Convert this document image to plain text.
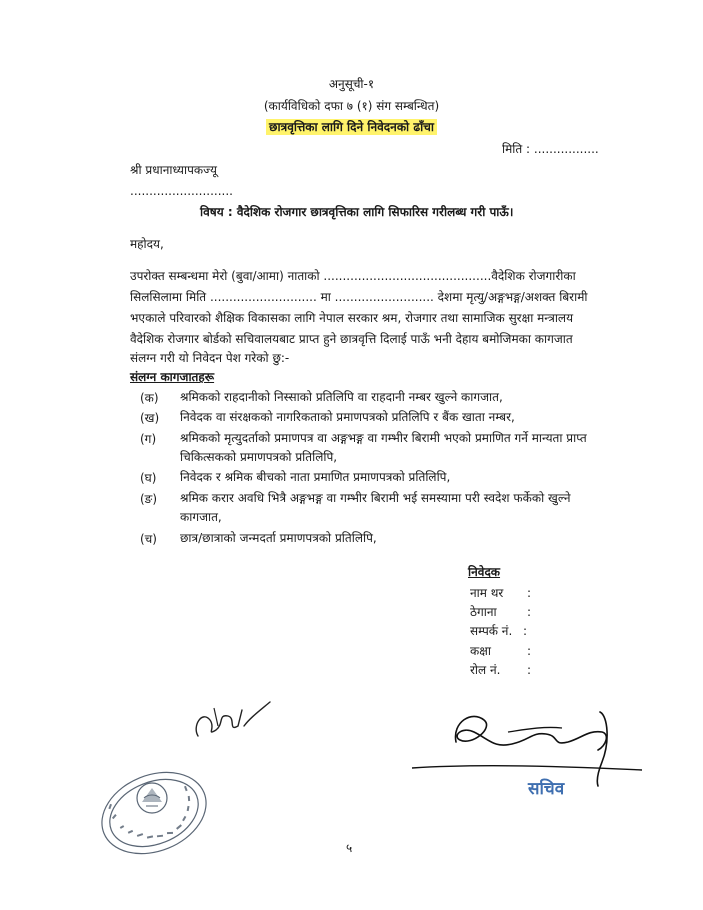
अनुसूची-१
(कार्यविधिको दफा ७ (१) संग सम्बन्धित)
छात्रवृत्तिका लागि दिने निवेदनको ढाँचा
मिति : .................
श्री प्रधानाध्यापकज्यू
...........................
विषय : वैदेशिक रोजगार छात्रवृत्तिका लागि सिफारिस गरीलब्ध गरी पाऊँ।
महोदय,
उपरोक्त सम्बन्धमा मेरो (बुवा/आमा) नाताको ............................................वैदेशिक रोजगारीका
सिलसिलामा मिति ............................ मा .......................... देशमा मृत्यु/अङ्गभङ्ग/अशक्त बिरामी
भएकाले परिवारको शैक्षिक विकासका लागि नेपाल सरकार श्रम, रोजगार तथा सामाजिक सुरक्षा मन्त्रालय
वैदेशिक रोजगार बोर्डको सचिवालयबाट प्राप्त हुने छात्रवृत्ति दिलाई पाऊँ भनी देहाय बमोजिमका कागजात
संलग्न गरी यो निवेदन पेश गरेको छु:-
संलग्न कागजातहरू
(क) श्रमिकको राहदानीको निस्साको प्रतिलिपि वा राहदानी नम्बर खुल्ने कागजात,
(ख) निवेदक वा संरक्षकको नागरिकताको प्रमाणपत्रको प्रतिलिपि र बैंक खाता नम्बर,
(ग) श्रमिकको मृत्युदर्ताको प्रमाणपत्र वा अङ्गभङ्ग वा गम्भीर बिरामी भएको प्रमाणित गर्ने मान्यता प्राप्त चिकित्सकको प्रमाणपत्रको प्रतिलिपि,
(घ) निवेदक र श्रमिक बीचको नाता प्रमाणित प्रमाणपत्रको प्रतिलिपि,
(ङ) श्रमिक करार अवधि भित्रै अङ्गभङ्ग वा गम्भीर बिरामी भई समस्यामा परी स्वदेश फर्केको खुल्ने कागजात,
(च) छात्र/छात्राको जन्मदर्ता प्रमाणपत्रको प्रतिलिपि,
निवेदक
नाम थर :
ठेगाना	:
सम्पर्क नं. :
कक्षा	:
रोल नं. :
सचिव
५
